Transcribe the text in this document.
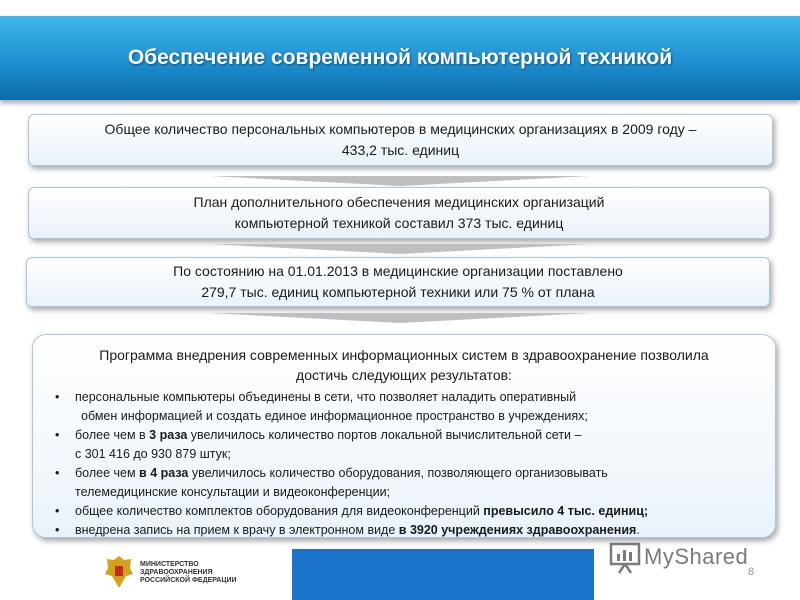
Обеспечение современной компьютерной техникой
Общее количество персональных компьютеров в медицинских организациях в 2009 году –
433,2 тыс. единиц
План дополнительного обеспечения медицинских организаций
компьютерной техникой составил 373 тыс. единиц
По состоянию на 01.01.2013 в медицинские организации поставлено
279,7 тыс. единиц компьютерной техники или 75 % от плана

Программа внедрения современных информационных систем в здравоохранение позволила
достичь следующих результатов:

• персональные компьютеры объединены в сети, что позволяет наладить оперативный
обмен информацией и создать единое информационное пространство в учреждениях;
• более чем в 3 раза увеличилось количество портов локальной вычислительной сети –
с 301 416 до 930 879 штук;
• более чем в 4 раза увеличилось количество оборудования, позволяющего организовывать
телемедицинские консультации и видеоконференции;
• общее количество комплектов оборудования для видеоконференций превысило 4 тыс. единиц;
• внедрена запись на прием к врачу в электронном виде в 3920 учреждениях здравоохранения.
МИНИСТЕРСТВО
ЗДРАВООХРАНЕНИЯ
РОССИЙСКОЙ ФЕДЕРАЦИИ
MyShared
8
